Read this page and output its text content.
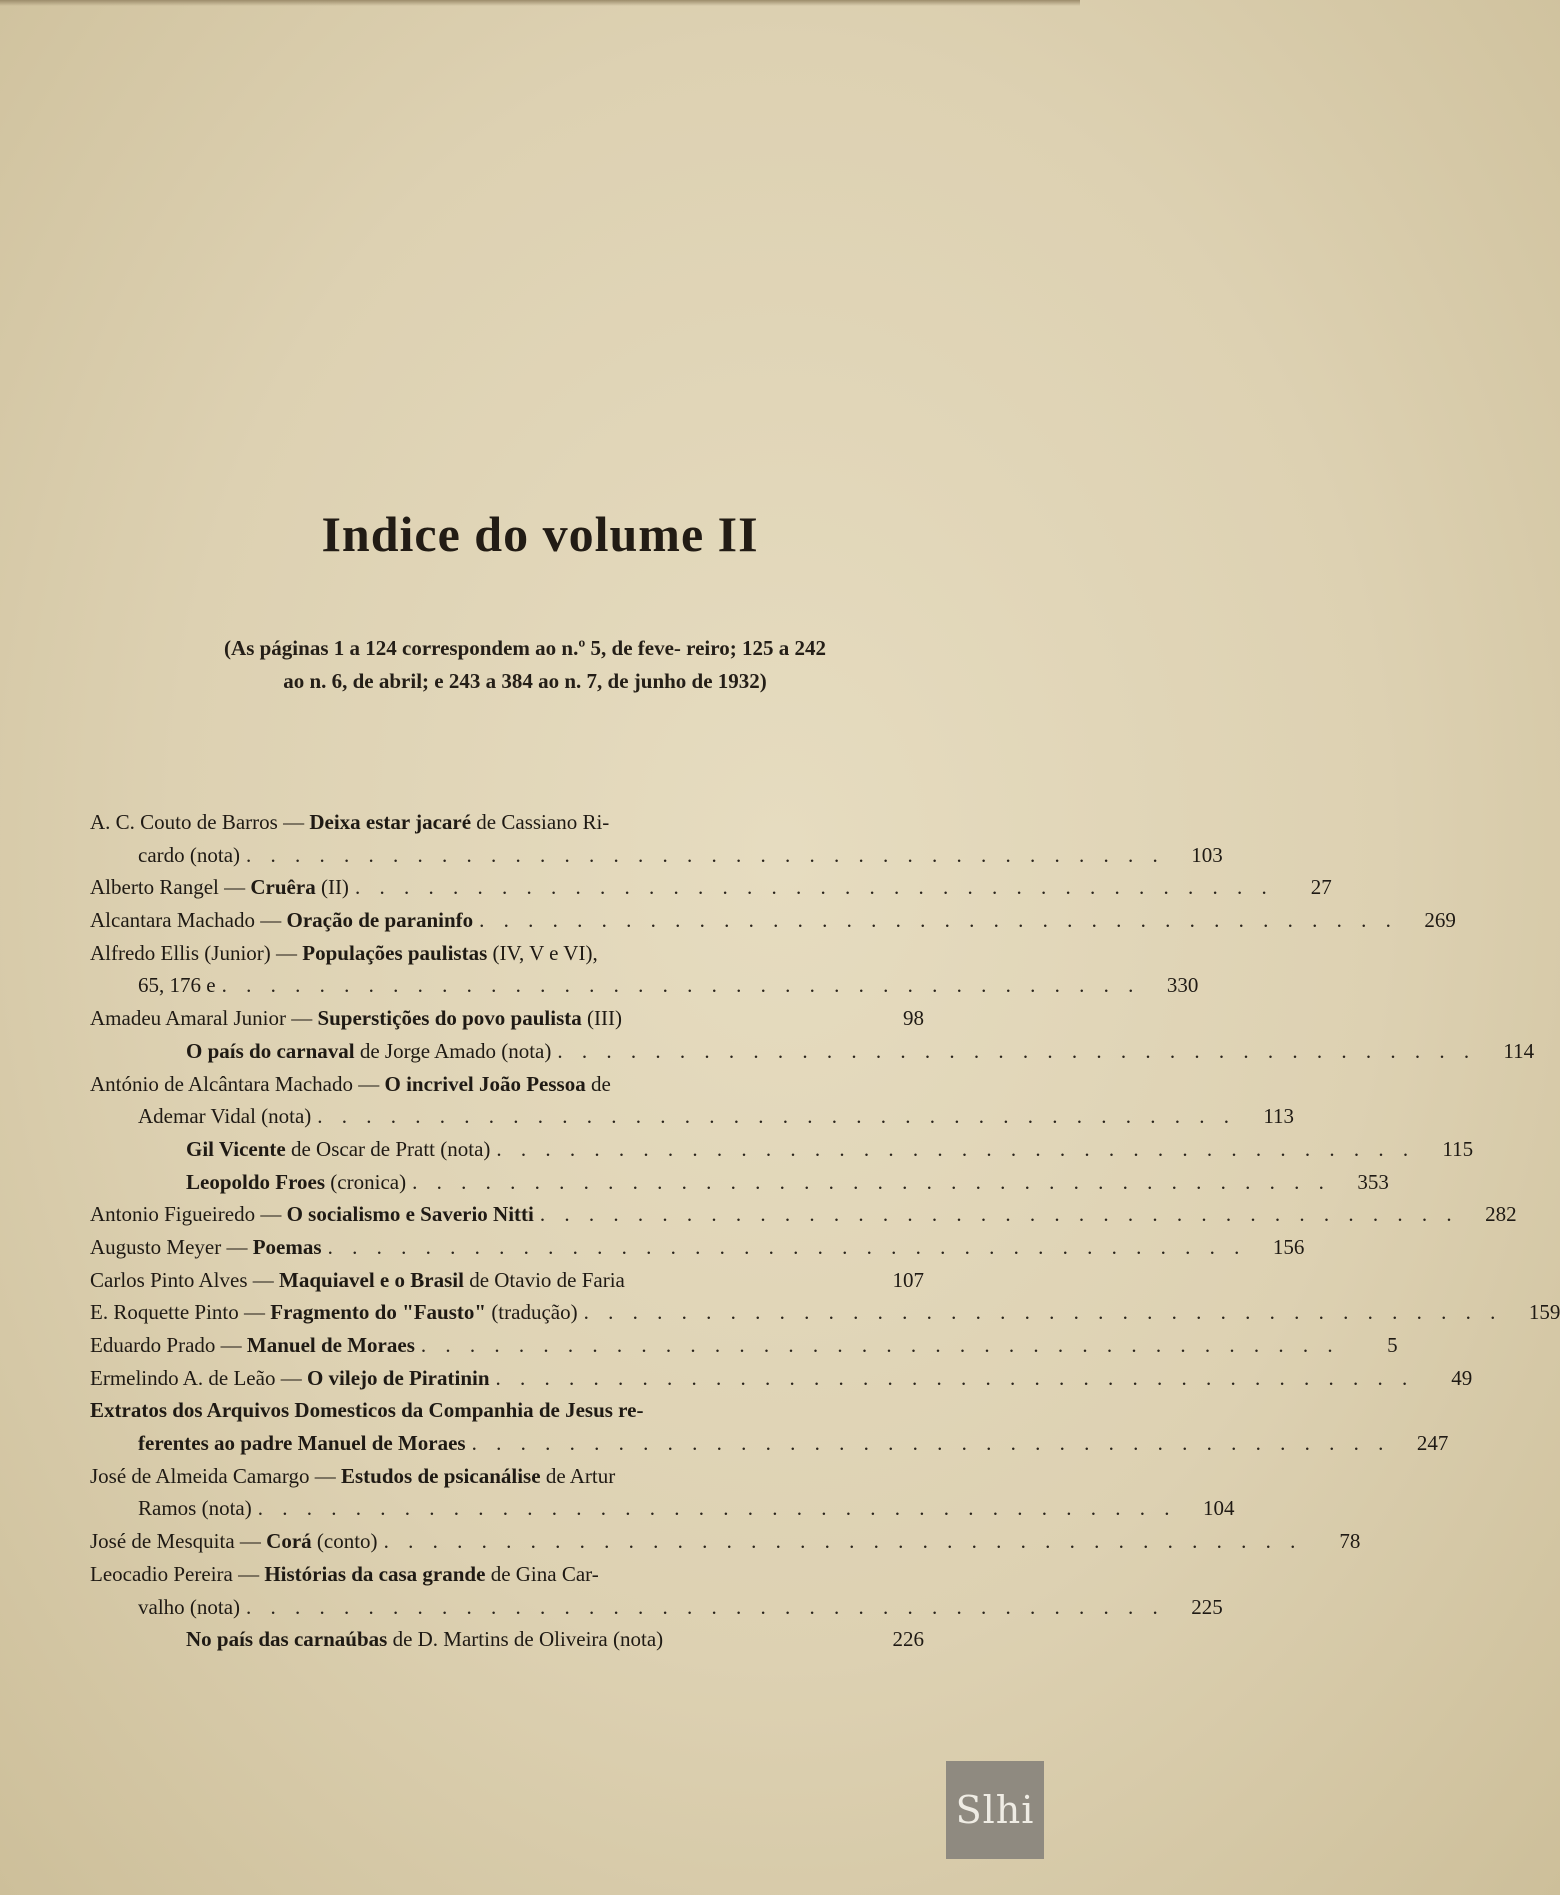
Indice do volume II
(As páginas 1 a 124 correspondem ao n.º 5, de feve- reiro; 125 a 242 ao n. 6, de abril; e 243 a 384 ao n. 7, de junho de 1932)
A. C. Couto de Barros — Deixa estar jacaré de Cassiano Ri-
cardo (nota) . . . . . . . . . . . . . . . . . . . . . . . . . . . . . . . . . . . . . .	103
Alberto Rangel — Cruêra (II) . . . . . . . . . . . . . . . . . . . . . . . . . . . . . . . . . . . . . .	27
Alcantara Machado — Oração de paraninfo . . . . . . . . . . . . . . . . . . . . . . . . . . . . . . . . . . . . . .	269
Alfredo Ellis (Junior) — Populações paulistas (IV, V e VI),
65, 176 e . . . . . . . . . . . . . . . . . . . . . . . . . . . . . . . . . . . . . .	330
Amadeu Amaral Junior — Superstições do povo paulista (III)	98
O país do carnaval de Jorge Amado (nota) . . . . . . . . . . . . . . . . . . . . . . . . . . . . . . . . . . . . . .	114
António de Alcântara Machado — O incrivel João Pessoa de
Ademar Vidal (nota) . . . . . . . . . . . . . . . . . . . . . . . . . . . . . . . . . . . . . .	113
Gil Vicente de Oscar de Pratt (nota) . . . . . . . . . . . . . . . . . . . . . . . . . . . . . . . . . . . . . .	115
Leopoldo Froes (cronica) . . . . . . . . . . . . . . . . . . . . . . . . . . . . . . . . . . . . . .	353
Antonio Figueiredo — O socialismo e Saverio Nitti . . . . . . . . . . . . . . . . . . . . . . . . . . . . . . . . . . . . . .	282
Augusto Meyer — Poemas . . . . . . . . . . . . . . . . . . . . . . . . . . . . . . . . . . . . . .	156
Carlos Pinto Alves — Maquiavel e o Brasil de Otavio de Faria	107
E. Roquette Pinto — Fragmento do "Fausto" (tradução) . . . . . . . . . . . . . . . . . . . . . . . . . . . . . . . . . . . . . .	159
Eduardo Prado — Manuel de Moraes . . . . . . . . . . . . . . . . . . . . . . . . . . . . . . . . . . . . . .	5
Ermelindo A. de Leão — O vilejo de Piratinin . . . . . . . . . . . . . . . . . . . . . . . . . . . . . . . . . . . . . .	49
Extratos dos Arquivos Domesticos da Companhia de Jesus re-
ferentes ao padre Manuel de Moraes . . . . . . . . . . . . . . . . . . . . . . . . . . . . . . . . . . . . . .	247
José de Almeida Camargo — Estudos de psicanálise de Artur
Ramos (nota) . . . . . . . . . . . . . . . . . . . . . . . . . . . . . . . . . . . . . .	104
José de Mesquita — Corá (conto) . . . . . . . . . . . . . . . . . . . . . . . . . . . . . . . . . . . . . .	78
Leocadio Pereira — Histórias da casa grande de Gina Car-
valho (nota) . . . . . . . . . . . . . . . . . . . . . . . . . . . . . . . . . . . . . .	225
No país das carnaúbas de D. Martins de Oliveira (nota)	226
Slhi
